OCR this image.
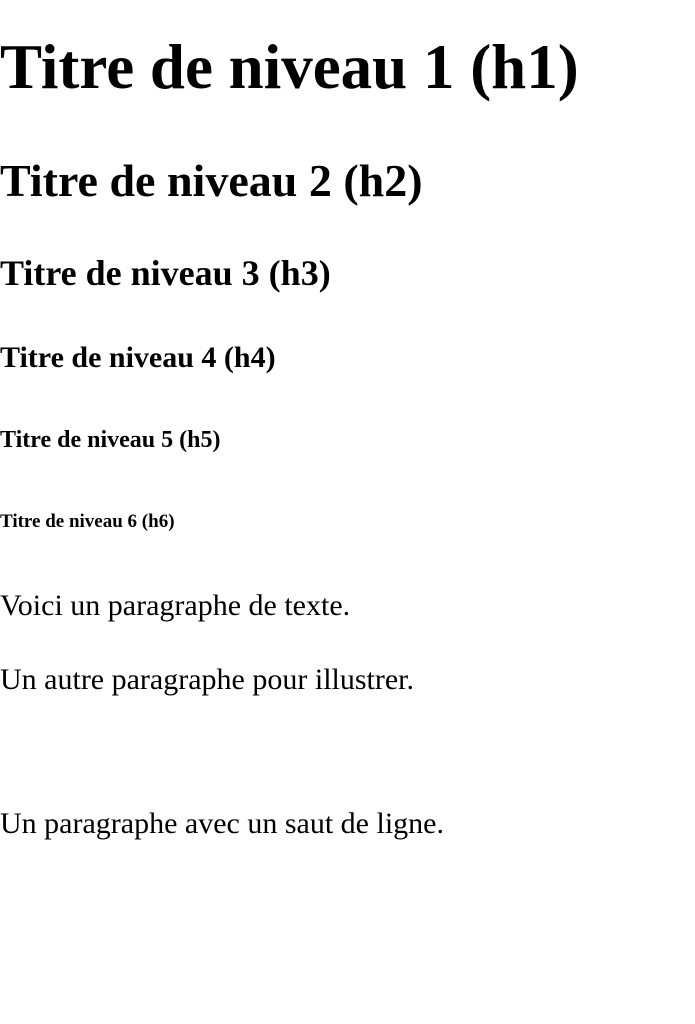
Titre de niveau 1 (h1)
Titre de niveau 2 (h2)
Titre de niveau 3 (h3)
Titre de niveau 4 (h4)
Titre de niveau 5 (h5)
Titre de niveau 6 (h6)

Voici un paragraphe de texte.

Un autre paragraphe pour illustrer.

Un paragraphe avec un saut de ligne.
